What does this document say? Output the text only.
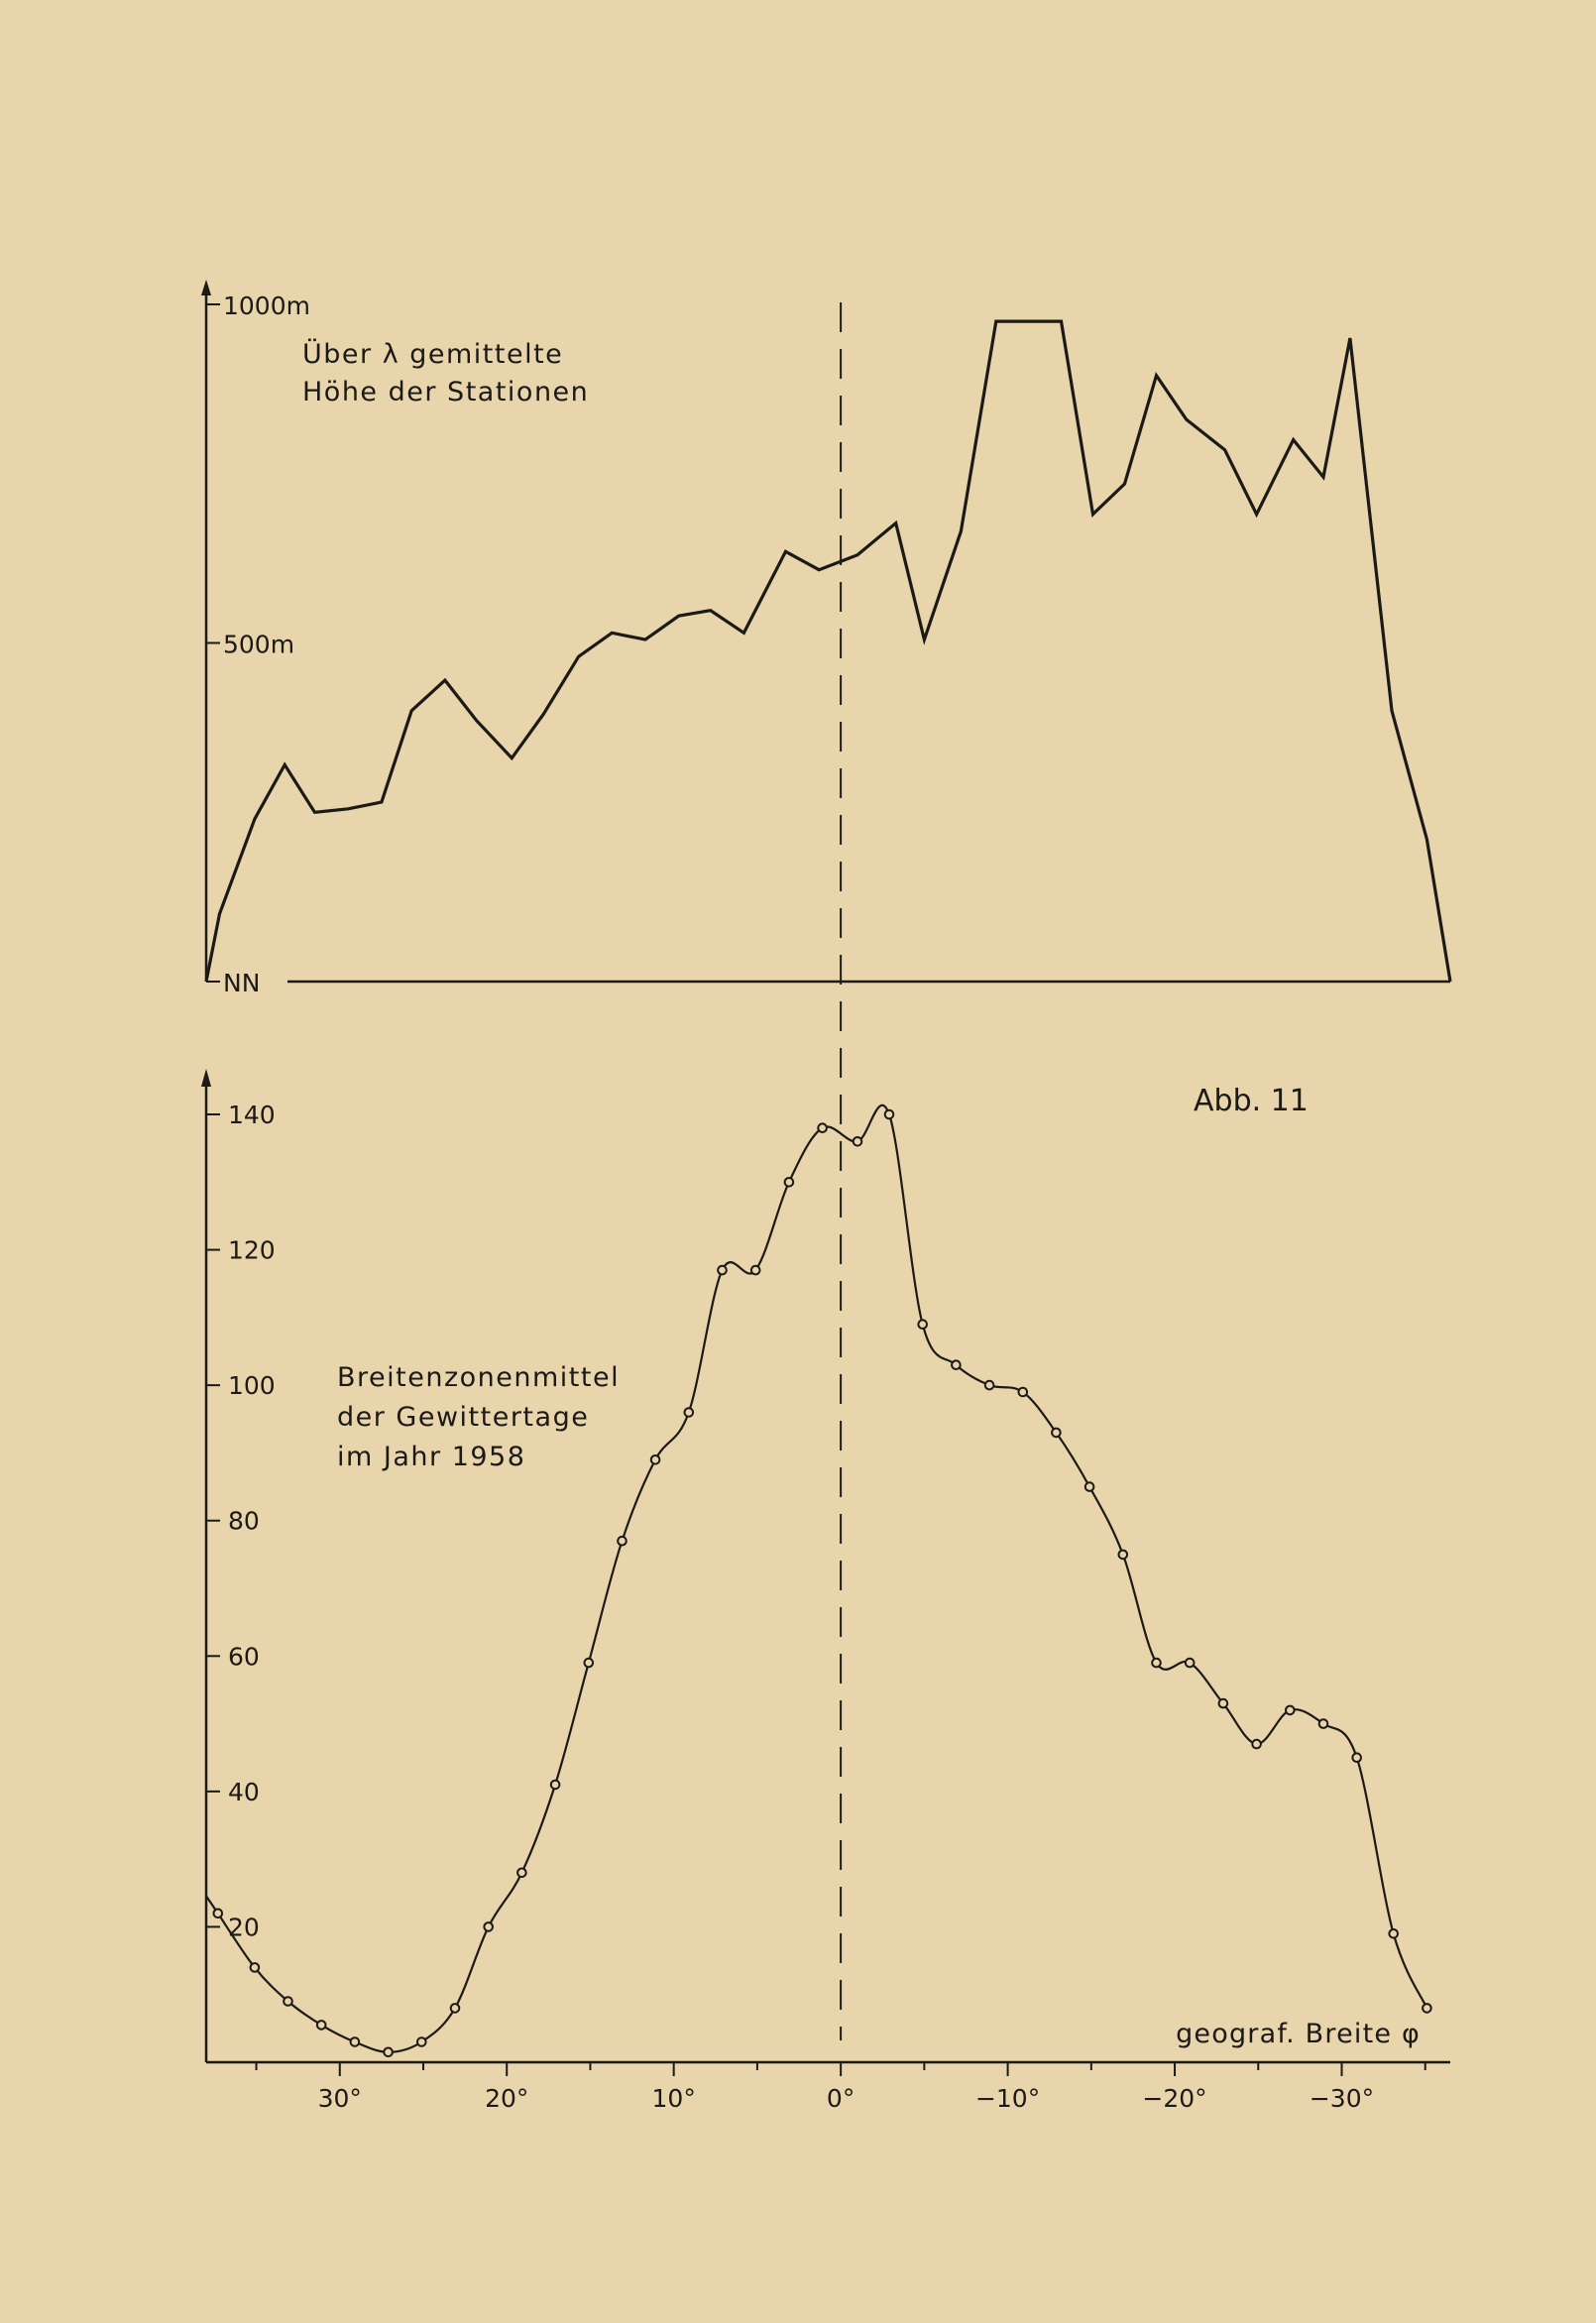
NN
500m
1000m
Über λ gemittelte
Höhe der Stationen
20
40
60
80
100
120
140
30°	20°	10°	0°	−10°	−20°	−30°
Breitenzonenmittel
der Gewittertage
im Jahr 1958
geograf. Breite φ
Abb. 11
